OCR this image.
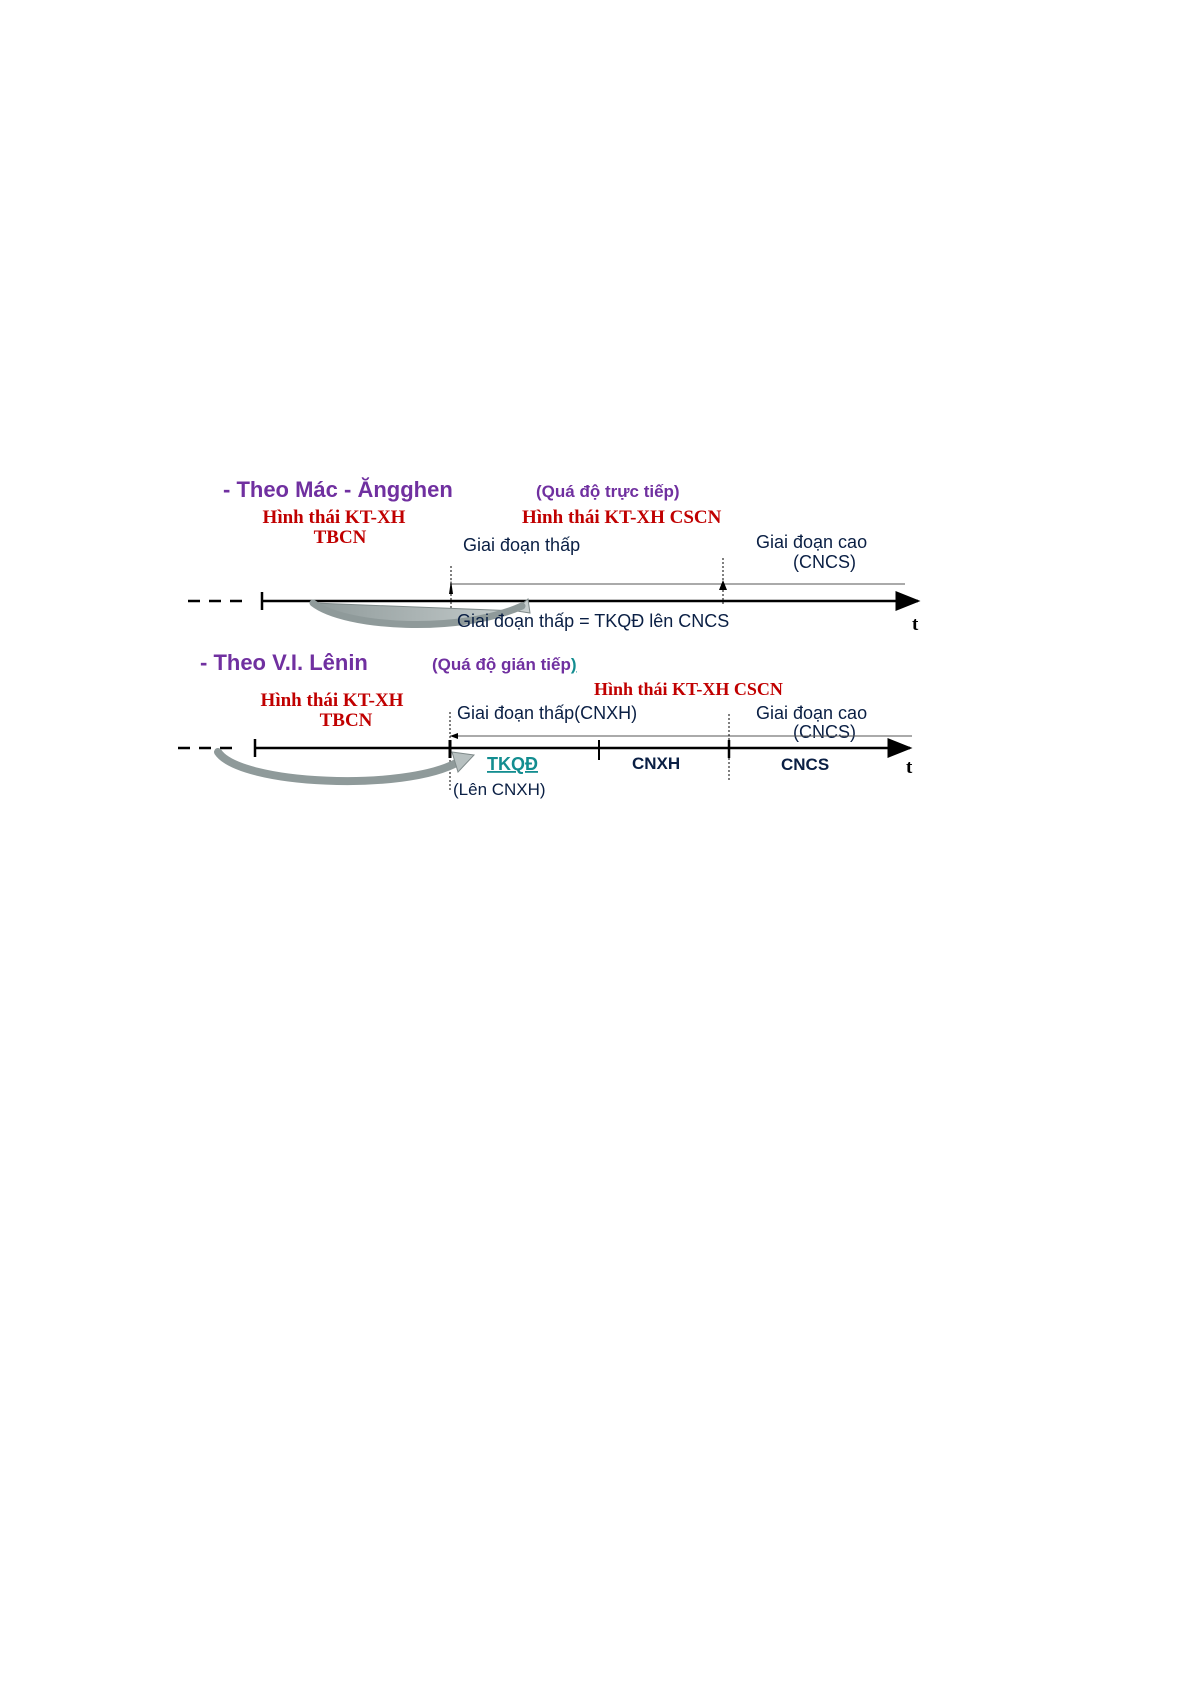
- Theo Mác - Ăngghen	(Quá độ trực tiếp)
Hình thái KT-XH
TBCN
Hình thái KT-XH CSCN
Giai đoạn thấp	Giai đoạn cao
(CNCS)
Giai đoạn thấp = TKQĐ lên CNCS	t
- Theo V.I. Lênin	(Quá độ gián tiếp)
Hình thái KT-XH CSCN
Hình thái KT-XH
TBCN	Giai đoạn thấp(CNXH)	Giai đoạn cao
(CNCS)
TKQĐ
(Lên CNXH)
CNXH	CNCS	t
